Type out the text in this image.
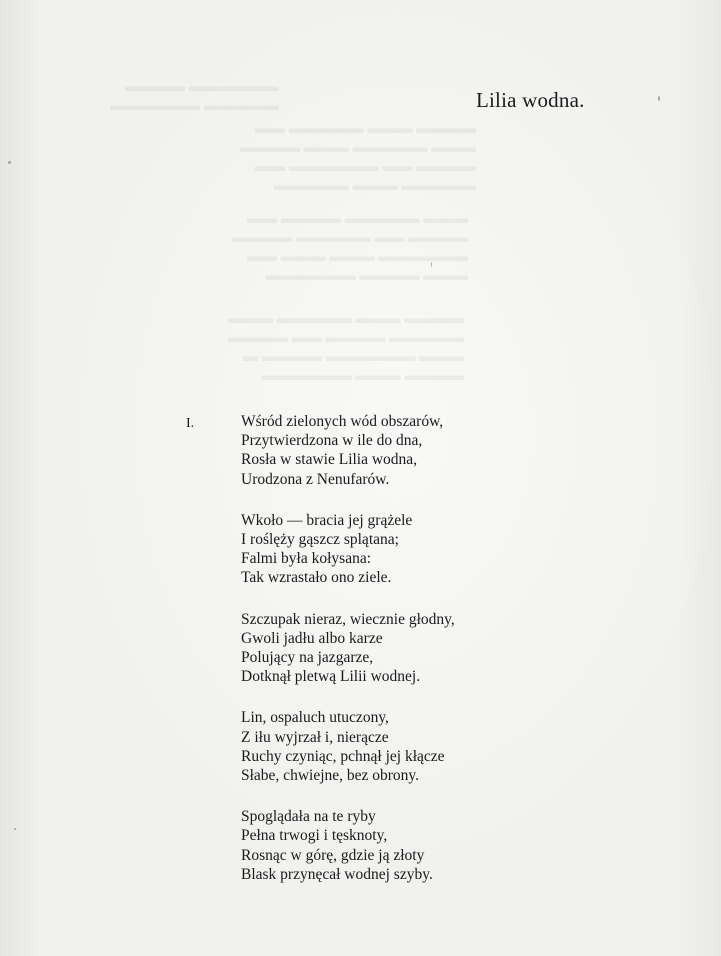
Lilia wodna.
I.	Wśród zielonych wód obszarów,
Przytwierdzona w ile do dna,
Rosła w stawie Lilia wodna,
Urodzona z Nenufarów.
Wkoło — bracia jej grążele
I roślęży gąszcz splątana;
Falmi była kołysana:
Tak wzrastało ono ziele.
Szczupak nieraz, wiecznie głodny,
Gwoli jadłu albo karze
Polujący na jazgarze,
Dotknął pletwą Lilii wodnej.
Lin, ospaluch utuczony,
Z iłu wyjrzał i, nierącze
Ruchy czyniąc, pchnął jej kłącze
Słabe, chwiejne, bez obrony.
Spoglądała na te ryby
Pełna trwogi i tęsknoty,
Rosnąc w górę, gdzie ją złoty
Blask przynęcał wodnej szyby.
